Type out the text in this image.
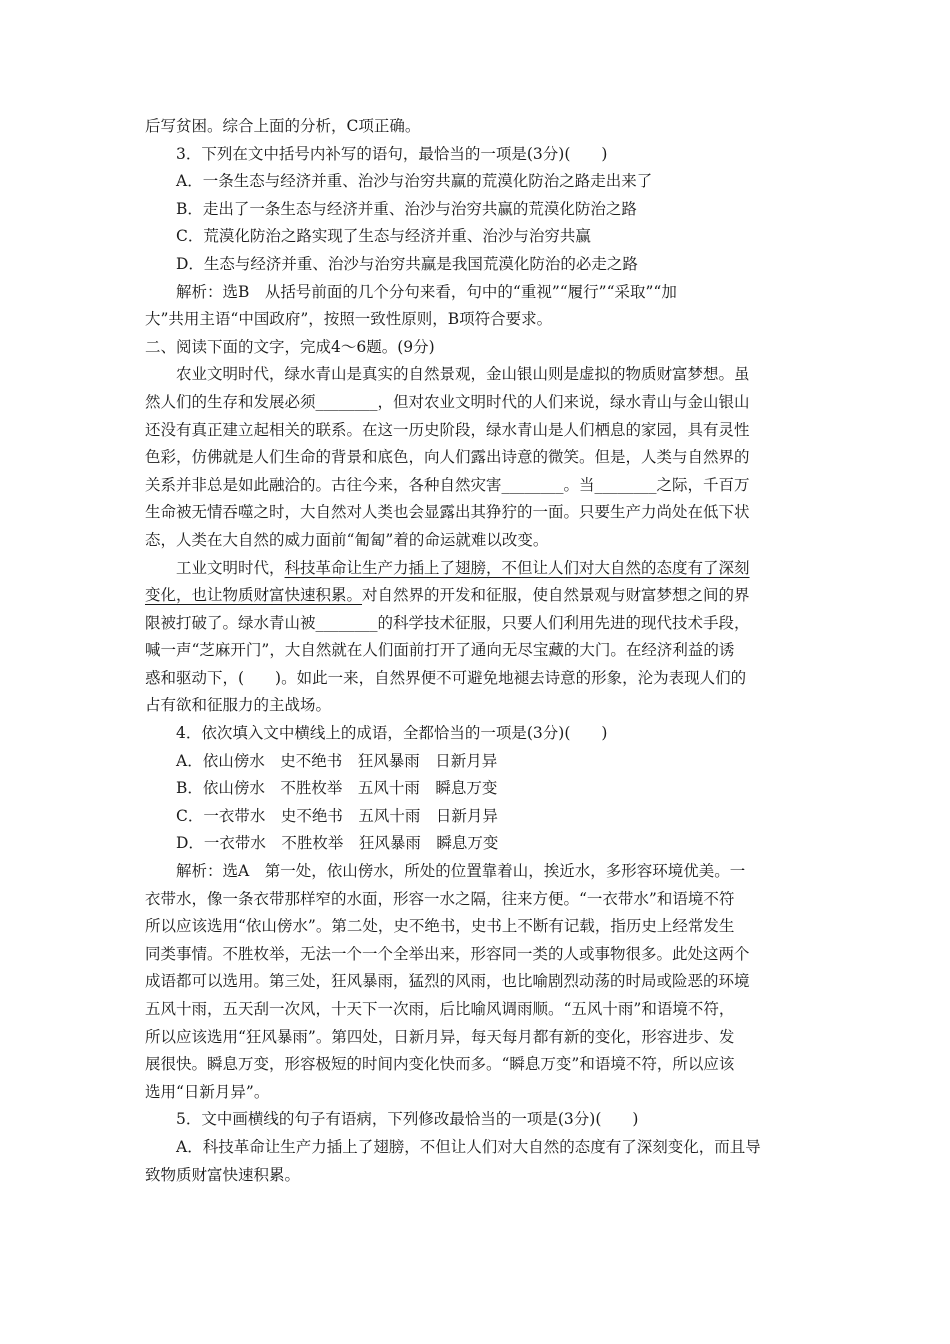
后写贫困。综合上面的分析，C项正确。
3．下列在文中括号内补写的语句，最恰当的一项是(3分)(　　)
A．一条生态与经济并重、治沙与治穷共赢的荒漠化防治之路走出来了
B．走出了一条生态与经济并重、治沙与治穷共赢的荒漠化防治之路
C．荒漠化防治之路实现了生态与经济并重、治沙与治穷共赢
D．生态与经济并重、治沙与治穷共赢是我国荒漠化防治的必走之路
解析：选B　从括号前面的几个分句来看，句中的“重视”“履行”“采取”“加
大”共用主语“中国政府”，按照一致性原则，B项符合要求。
二、阅读下面的文字，完成4～6题。(9分)
农业文明时代，绿水青山是真实的自然景观，金山银山则是虚拟的物质财富梦想。虽
然人们的生存和发展必须________，但对农业文明时代的人们来说，绿水青山与金山银山
还没有真正建立起相关的联系。在这一历史阶段，绿水青山是人们栖息的家园，具有灵性
色彩，仿佛就是人们生命的背景和底色，向人们露出诗意的微笑。但是，人类与自然界的
关系并非总是如此融洽的。古往今来，各种自然灾害________。当________之际，千百万
生命被无情吞噬之时，大自然对人类也会显露出其狰狞的一面。只要生产力尚处在低下状
态，人类在大自然的威力面前“匍匐”着的命运就难以改变。
工业文明时代，科技革命让生产力插上了翅膀，不但让人们对大自然的态度有了深刻
变化，也让物质财富快速积累。对自然界的开发和征服，使自然景观与财富梦想之间的界
限被打破了。绿水青山被________的科学技术征服，只要人们利用先进的现代技术手段，
喊一声“芝麻开门”，大自然就在人们面前打开了通向无尽宝藏的大门。在经济利益的诱
惑和驱动下，(　　)。如此一来，自然界便不可避免地褪去诗意的形象，沦为表现人们的
占有欲和征服力的主战场。
4．依次填入文中横线上的成语，全都恰当的一项是(3分)(　　)
A．依山傍水　史不绝书　狂风暴雨　日新月异
B．依山傍水　不胜枚举　五风十雨　瞬息万变
C．一衣带水　史不绝书　五风十雨　日新月异
D．一衣带水　不胜枚举　狂风暴雨　瞬息万变
解析：选A　第一处，依山傍水，所处的位置靠着山，挨近水，多形容环境优美。一
衣带水，像一条衣带那样窄的水面，形容一水之隔，往来方便。“一衣带水”和语境不符
所以应该选用“依山傍水”。第二处，史不绝书，史书上不断有记载，指历史上经常发生
同类事情。不胜枚举，无法一个一个全举出来，形容同一类的人或事物很多。此处这两个
成语都可以选用。第三处，狂风暴雨，猛烈的风雨，也比喻剧烈动荡的时局或险恶的环境
五风十雨，五天刮一次风，十天下一次雨，后比喻风调雨顺。“五风十雨”和语境不符，
所以应该选用“狂风暴雨”。第四处，日新月异，每天每月都有新的变化，形容进步、发
展很快。瞬息万变，形容极短的时间内变化快而多。“瞬息万变”和语境不符，所以应该
选用“日新月异”。
5．文中画横线的句子有语病，下列修改最恰当的一项是(3分)(　　)
A．科技革命让生产力插上了翅膀，不但让人们对大自然的态度有了深刻变化，而且导
致物质财富快速积累。
